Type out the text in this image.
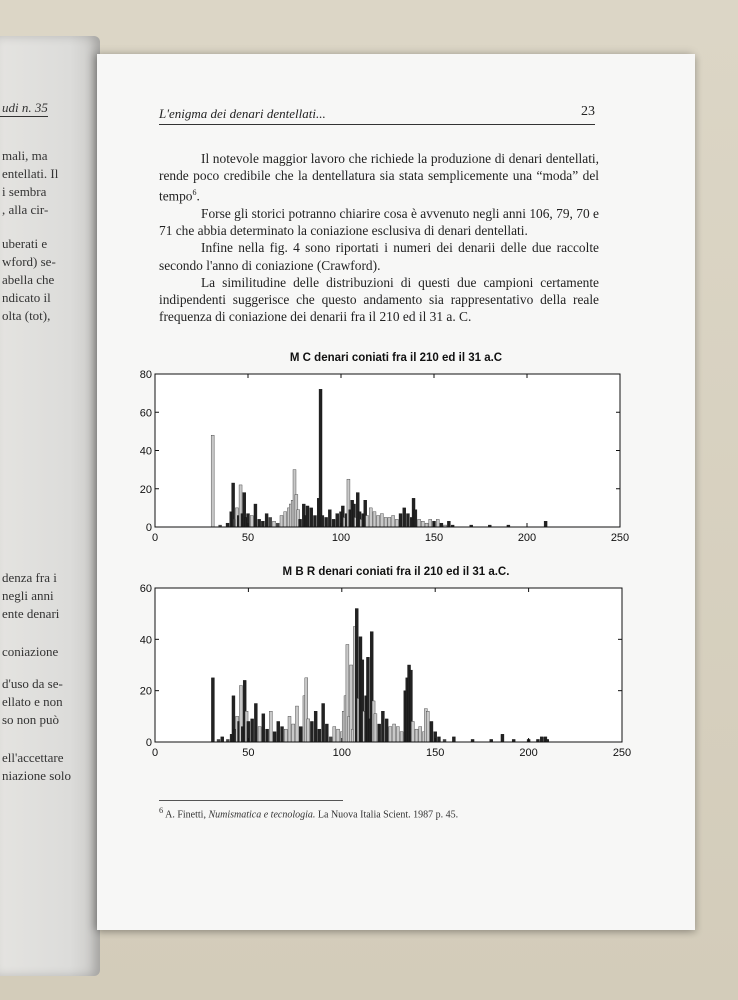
udi n. 35
mali, ma
entellati. Il
i sembra
, alla cir-
uberati e
wford) se-
abella che
ndicato il
olta (tot),
denza fra i
negli anni
ente denari
coniazione
d'uso da se-
ellato e non
so non può
ell'accettare
niazione solo
L'enigma dei denari dentellati...	23

Il notevole maggior lavoro che richiede la produzione di denari dentellati, rende poco credibile che la dentellatura sia stata semplicemente una “moda” del tempo$^6$.

Forse gli storici potranno chiarire cosa è avvenuto negli anni 106, 79, 70 e 71 che abbia determinato la coniazione esclusiva di denari dentellati.

Infine nella fig. 4 sono riportati i numeri dei denarii delle due raccolte secondo l'anno di coniazione (Crawford).

La similitudine delle distribuzioni di questi due campioni certamente indipendenti suggerisce che questo andamento sia rappresentativo della reale frequenza di coniazione dei denarii fra il 210 ed il 31 a. C.

M C denari coniati fra il 210 ed il 31 a.C
0	50	100	150	200	250
0
20
40
60
80
M B R denari coniati fra il 210 ed il 31 a.C.
0	50	100	150	200	250
0
20
40
60
$^6$ A. Finetti, Numismatica e tecnologia. La Nuova Italia Scient. 1987 p. 45.
